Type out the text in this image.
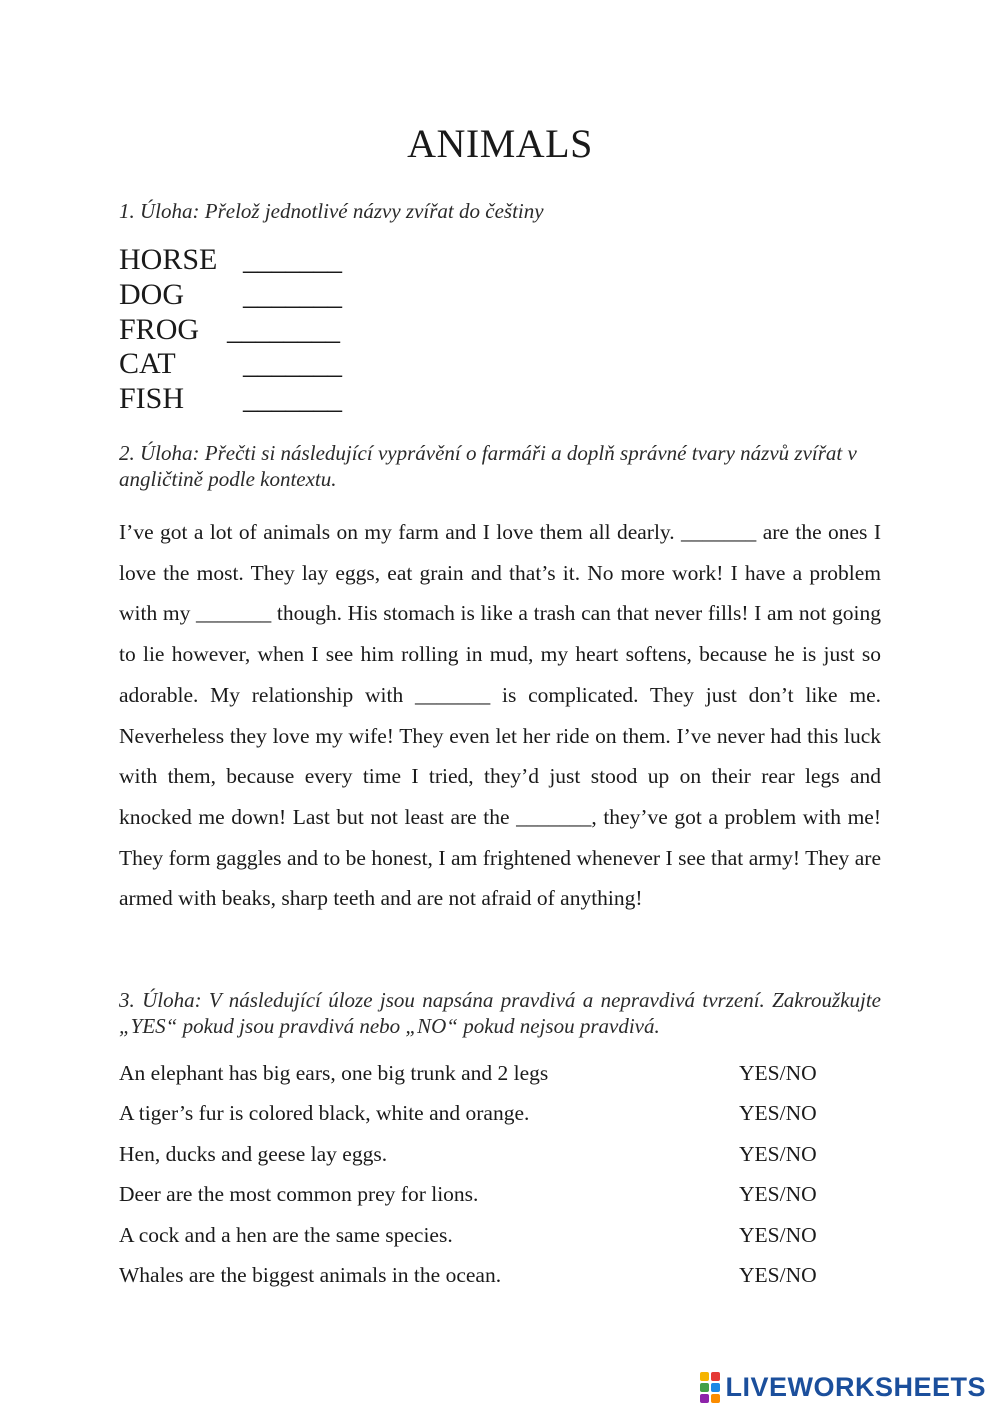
ANIMALS
1. Úloha: Přelož jednotlivé názvy zvířat do češtiny
HORSE _______
DOG _______
FROG ________
CAT _______
FISH _______
2. Úloha: Přečti si následující vyprávění o farmáři a doplň správné tvary názvů zvířat v angličtině podle kontextu.
I’ve got a lot of animals on my farm and I love them all dearly. _______ are the ones I love the most. They lay eggs, eat grain and that’s it. No more work! I have a problem with my _______ though. His stomach is like a trash can that never fills! I am not going to lie however, when I see him rolling in mud, my heart softens, because he is just so adorable. My relationship with _______ is complicated. They just don’t like me. Neverheless they love my wife! They even let her ride on them. I’ve never had this luck with them, because every time I tried, they’d just stood up on their rear legs and knocked me down! Last but not least are the _______, they’ve got a problem with me! They form gaggles and to be honest, I am frightened whenever I see that army! They are armed with beaks, sharp teeth and are not afraid of anything!
3. Úloha: V následující úloze jsou napsána pravdivá a nepravdivá tvrzení. Zakroužkujte „YES“ pokud jsou pravdivá nebo „NO“ pokud nejsou pravdivá.
An elephant has big ears, one big trunk and 2 legs	YES/NO
A tiger’s fur is colored black, white and orange.	YES/NO
Hen, ducks and geese lay eggs.	YES/NO
Deer are the most common prey for lions.	YES/NO
A cock and a hen are the same species.	YES/NO
Whales are the biggest animals in the ocean.	YES/NO
LIVEWORKSHEETS
